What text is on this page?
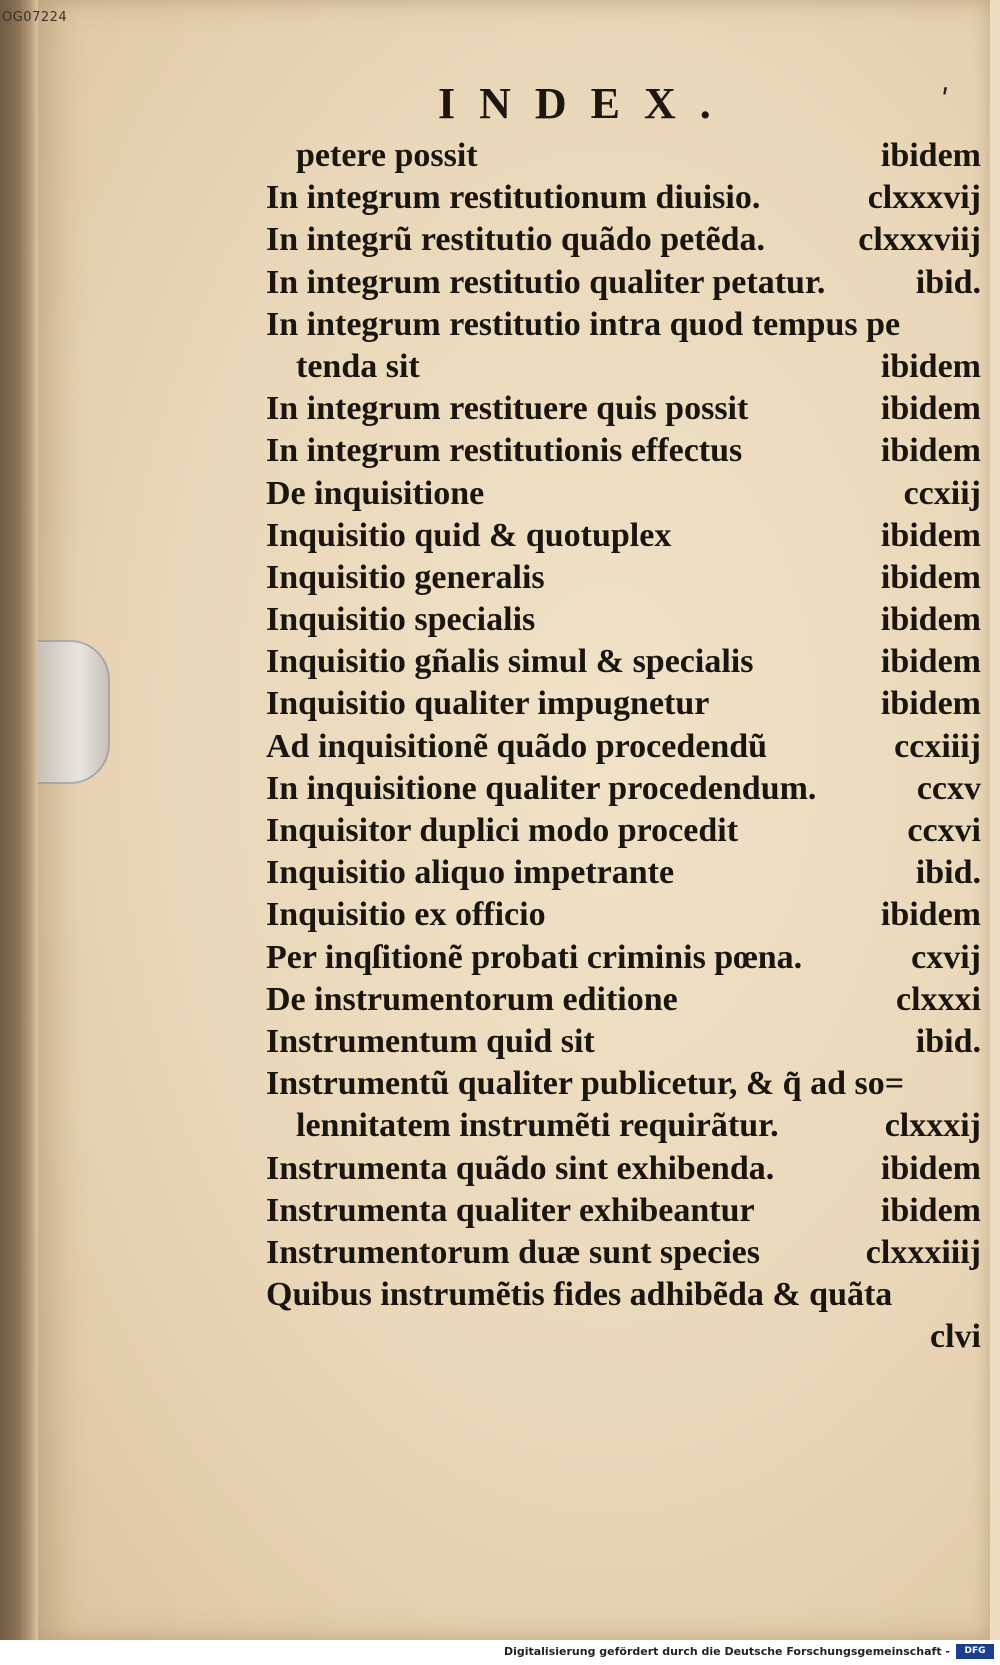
ʹ
INDEX.
petere possit	ibidem
In integrum restitutionum diuisio.	clxxxvij
In integrũ restitutio quãdo petẽda.	clxxxviij
In integrum restitutio qualiter petatur.	ibid.
In integrum restitutio intra quod tempus pe
tenda sit	ibidem
In integrum restituere quis possit	ibidem
In integrum restitutionis effectus	ibidem
De inquisitione	ccxiij
Inquisitio quid & quotuplex	ibidem
Inquisitio generalis	ibidem
Inquisitio specialis	ibidem
Inquisitio gñalis simul & specialis	ibidem
Inquisitio qualiter impugnetur	ibidem
Ad inquisitionẽ quãdo procedendũ	ccxiiij
In inquisitione qualiter procedendum.	ccxv
Inquisitor duplici modo procedit	ccxvi
Inquisitio aliquo impetrante	ibid.
Inquisitio ex officio	ibidem
Per inqſitionẽ probati criminis pœna.	cxvij
De instrumentorum editione	clxxxi
Instrumentum quid sit	ibid.
Instrumentũ qualiter publicetur, & q̃ ad so=
lennitatem instrumẽti requirãtur.	clxxxij
Instrumenta quãdo sint exhibenda.	ibidem
Instrumenta qualiter exhibeantur	ibidem
Instrumentorum duæ sunt species	clxxxiiij
Quibus instrumẽtis fides adhibẽda & quãta
clvi
OG07224
Digitalisierung gefördert durch die Deutsche Forschungsgemeinschaft -	DFG
